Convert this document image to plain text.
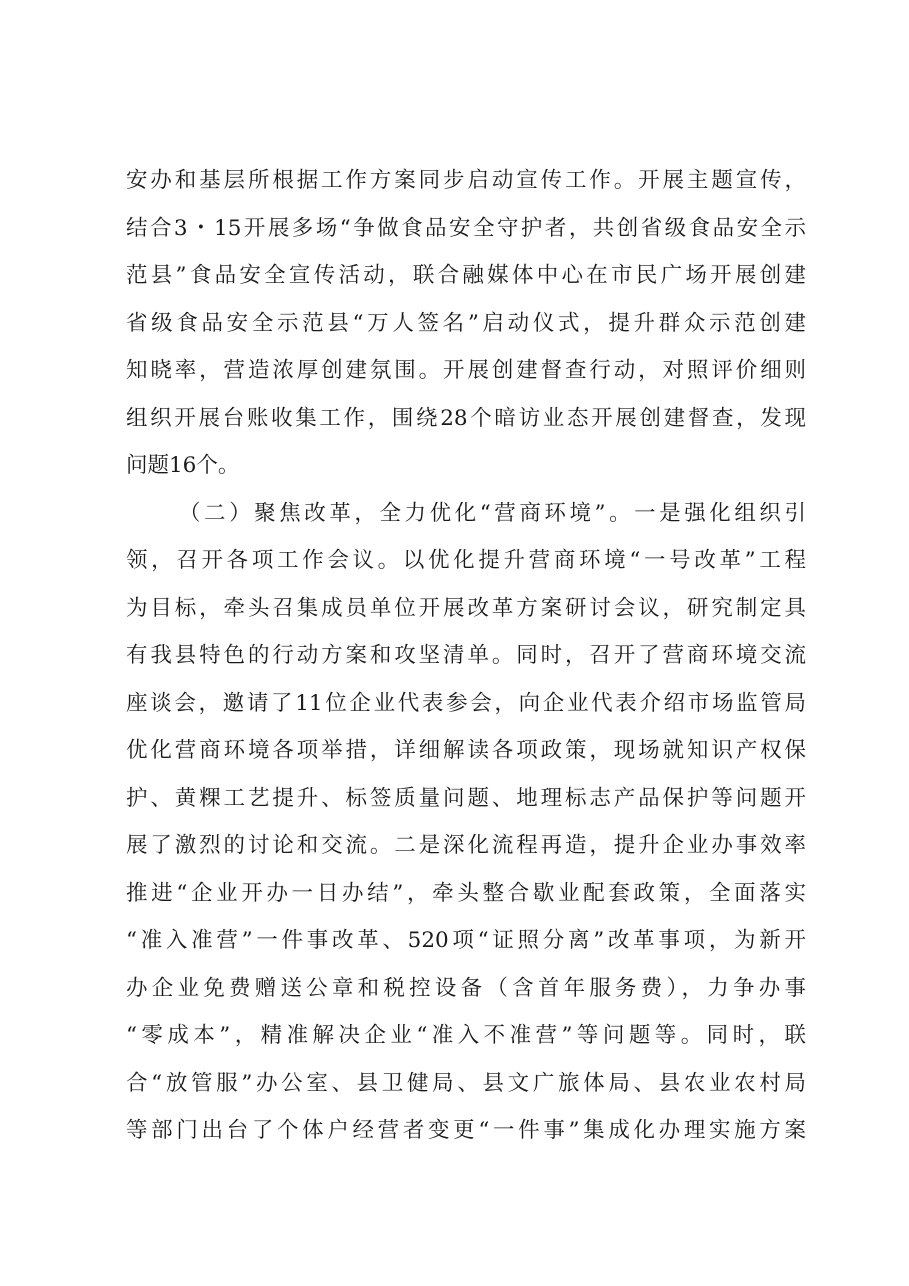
安办和基层所根据工作方案同步启动宣传工作。开展主题宣传，
结合3・15开展多场“争做食品安全守护者，共创省级食品安全示
范县”食品安全宣传活动，联合融媒体中心在市民广场开展创建
省级食品安全示范县“万人签名”启动仪式，提升群众示范创建
知晓率，营造浓厚创建氛围。开展创建督查行动，对照评价细则
组织开展台账收集工作，围绕28个暗访业态开展创建督查，发现
问题16个。
（二）聚焦改革，全力优化“营商环境”。一是强化组织引
领，召开各项工作会议。以优化提升营商环境“一号改革”工程
为目标，牵头召集成员单位开展改革方案研讨会议，研究制定具
有我县特色的行动方案和攻坚清单。同时，召开了营商环境交流
座谈会，邀请了11位企业代表参会，向企业代表介绍市场监管局
优化营商环境各项举措，详细解读各项政策，现场就知识产权保
护、黄粿工艺提升、标签质量问题、地理标志产品保护等问题开
展了激烈的讨论和交流。二是深化流程再造，提升企业办事效率
推进“企业开办一日办结”，牵头整合歇业配套政策，全面落实
“准入准营”一件事改革、520项“证照分离”改革事项，为新开
办企业免费赠送公章和税控设备（含首年服务费），力争办事
“零成本”，精准解决企业“准入不准营”等问题等。同时，联
合“放管服”办公室、县卫健局、县文广旅体局、县农业农村局
等部门出台了个体户经营者变更“一件事”集成化办理实施方案
